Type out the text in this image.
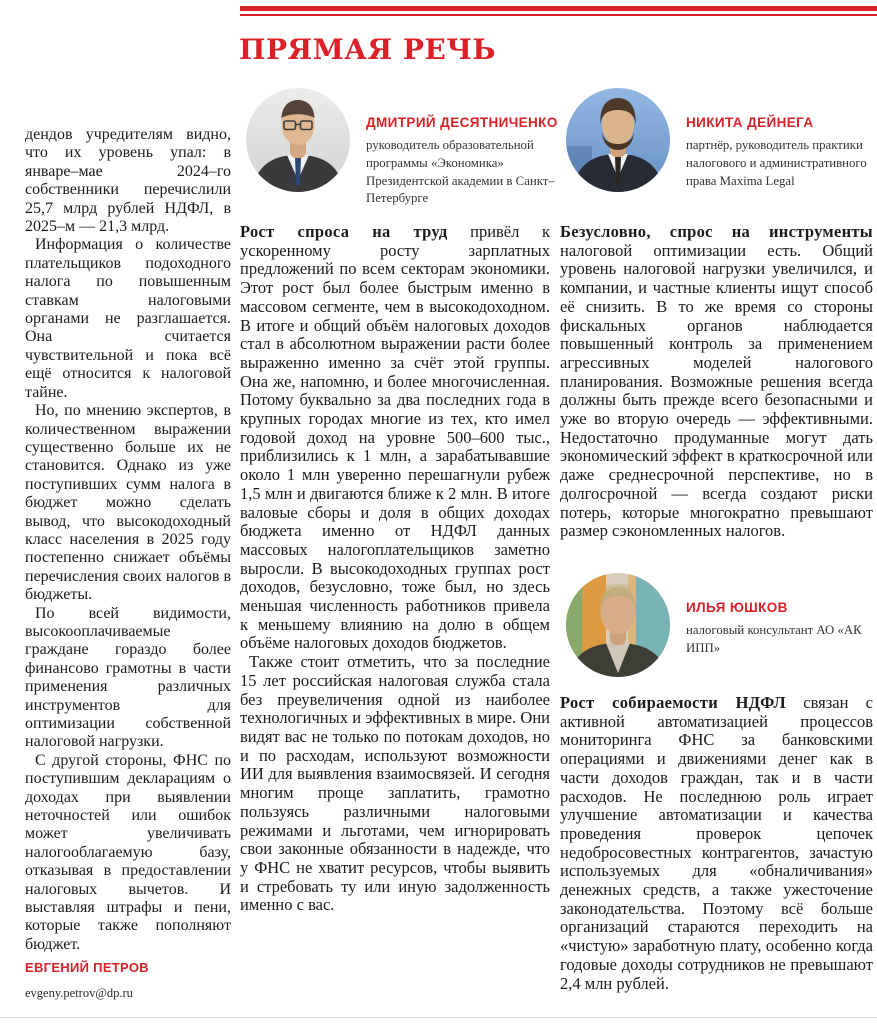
ПРЯМАЯ РЕЧЬ

дендов учредителям видно, что их уровень упал: в январе–мае 2024–го собственники перечислили 25,7 млрд рублей НДФЛ, в 2025–м — 21,3 млрд.

Информация о количестве плательщиков подоходного налога по повышенным ставкам налоговыми органами не разглашается. Она считается чувствительной и пока всё ещё относится к налоговой тайне.

Но, по мнению экспертов, в количественном выражении существенно больше их не становится. Однако из уже поступивших сумм налога в бюджет можно сделать вывод, что высокодоходный класс населения в 2025 году постепенно снижает объёмы перечисления своих налогов в бюджеты.

По всей видимости, высокооплачиваемые граждане гораздо более финансово грамотны в части применения различных инструментов для оптимизации собственной налоговой нагрузки.

С другой стороны, ФНС по поступившим декларациям о доходах при выявлении неточностей или ошибок может увеличивать налогооблагаемую базу, отказывая в предоставлении налоговых вычетов. И выставляя штрафы и пени, которые также пополняют бюджет.

ЕВГЕНИЙ ПЕТРОВ
evgeny.petrov@dp.ru
ДМИТРИЙ ДЕСЯТНИЧЕНКО
руководитель образовательной программы «Экономика» Президентской академии в Санкт–Петербурге

Рост спроса на труд привёл к ускоренному росту зарплатных предложений по всем секторам экономики. Этот рост был более быстрым именно в массовом сегменте, чем в высокодоходном. В итоге и общий объём налоговых доходов стал в абсолютном выражении расти более выраженно именно за счёт этой группы. Она же, напомню, и более многочисленная. Потому буквально за два последних года в крупных городах многие из тех, кто имел годовой доход на уровне 500–600 тыс., приблизились к 1 млн, а зарабатывавшие около 1 млн уверенно перешагнули рубеж 1,5 млн и двигаются ближе к 2 млн. В итоге валовые сборы и доля в общих доходах бюджета именно от НДФЛ данных массовых налогоплательщиков заметно выросли. В высокодоходных группах рост доходов, безусловно, тоже был, но здесь меньшая численность работников привела к меньшему влиянию на долю в общем объёме налоговых доходов бюджетов.

Также стоит отметить, что за последние 15 лет российская налоговая служба стала без преувеличения одной из наиболее технологичных и эффективных в мире. Они видят вас не только по потокам доходов, но и по расходам, используют возможности ИИ для выявления взаимосвязей. И сегодня многим проще заплатить, грамотно пользуясь различными налоговыми режимами и льготами, чем игнорировать свои законные обязанности в надежде, что у ФНС не хватит ресурсов, чтобы выявить и стребовать ту или иную задолженность именно с вас.

НИКИТА ДЕЙНЕГА
партнёр, руководитель практики налогового и административного права Maxima Legal

Безусловно, спрос на инструменты налоговой оптимизации есть. Общий уровень налоговой нагрузки увеличился, и компании, и частные клиенты ищут способ её снизить. В то же время со стороны фискальных органов наблюдается повышенный контроль за применением агрессивных моделей налогового планирования. Возможные решения всегда должны быть прежде всего безопасными и уже во вторую очередь — эффективными. Недостаточно продуманные могут дать экономический эффект в краткосрочной или даже среднесрочной перспективе, но в долгосрочной — всегда создают риски потерь, которые многократно превышают размер сэкономленных налогов.

ИЛЬЯ ЮШКОВ
налоговый консультант АО «АК ИПП»

Рост собираемости НДФЛ связан с активной автоматизацией процессов мониторинга ФНС за банковскими операциями и движениями денег как в части доходов граждан, так и в части расходов. Не последнюю роль играет улучшение автоматизации и качества проведения проверок цепочек недобросовестных контрагентов, зачастую используемых для «обналичивания» денежных средств, а также ужесточение законодательства. Поэтому всё больше организаций стараются переходить на «чистую» заработную плату, особенно когда годовые доходы сотрудников не превышают 2,4 млн рублей.
